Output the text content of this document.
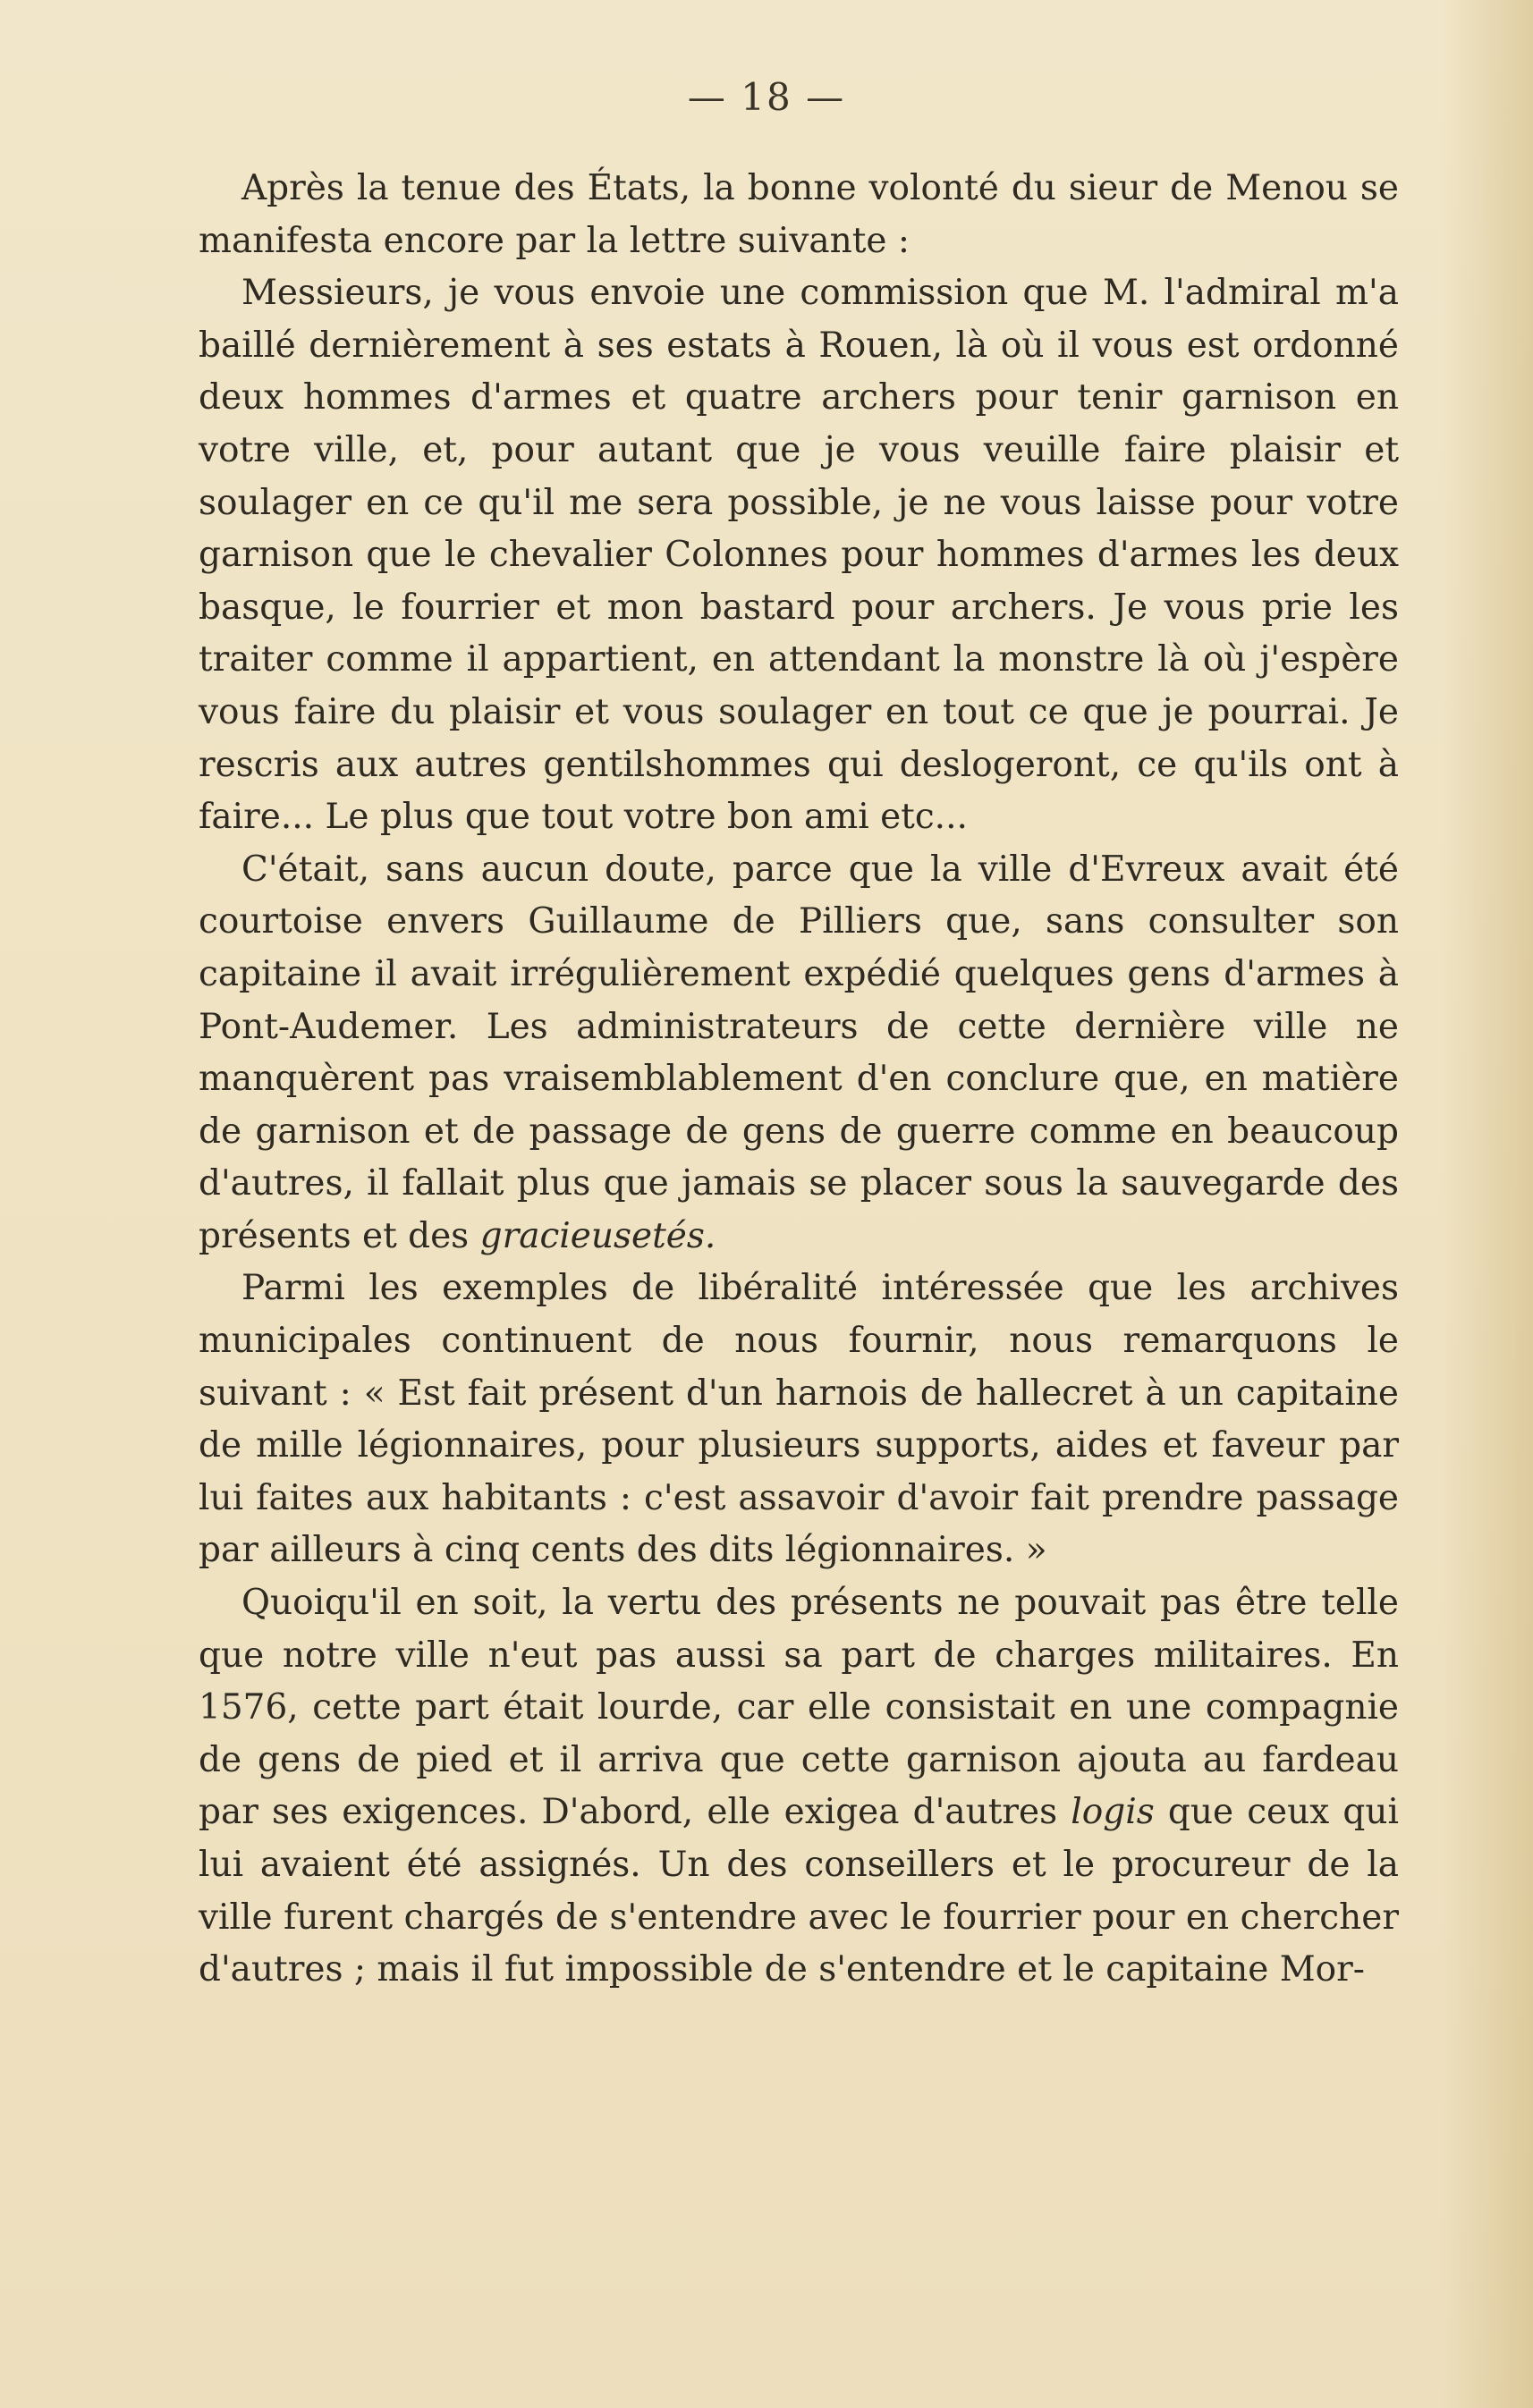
— 18 —

Après la tenue des États, la bonne volonté du sieur de Menou se manifesta encore par la lettre suivante :

Messieurs, je vous envoie une commission que M. l'admiral m'a baillé dernièrement à ses estats à Rouen, là où il vous est ordonné deux hommes d'armes et quatre archers pour tenir garnison en votre ville, et, pour autant que je vous veuille faire plaisir et soulager en ce qu'il me sera possible, je ne vous laisse pour votre garnison que le chevalier Colonnes pour hommes d'armes les deux basque, le fourrier et mon bastard pour archers. Je vous prie les traiter comme il appartient, en attendant la monstre là où j'espère vous faire du plaisir et vous soulager en tout ce que je pourrai. Je rescris aux autres gentilshommes qui deslogeront, ce qu'ils ont à faire... Le plus que tout votre bon ami etc...

C'était, sans aucun doute, parce que la ville d'Evreux avait été courtoise envers Guillaume de Pilliers que, sans consulter son capitaine il avait irrégulièrement expédié quelques gens d'armes à Pont-Audemer. Les administrateurs de cette dernière ville ne manquèrent pas vraisemblablement d'en conclure que, en matière de garnison et de passage de gens de guerre comme en beaucoup d'autres, il fallait plus que jamais se placer sous la sauvegarde des présents et des gracieusetés.

Parmi les exemples de libéralité intéressée que les archives municipales continuent de nous fournir, nous remarquons le suivant : « Est fait présent d'un harnois de hallecret à un capitaine de mille légionnaires, pour plusieurs supports, aides et faveur par lui faites aux habitants : c'est assavoir d'avoir fait prendre passage par ailleurs à cinq cents des dits légionnaires. »

Quoiqu'il en soit, la vertu des présents ne pouvait pas être telle que notre ville n'eut pas aussi sa part de charges militaires. En 1576, cette part était lourde, car elle consistait en une compagnie de gens de pied et il arriva que cette garnison ajouta au fardeau par ses exigences. D'abord, elle exigea d'autres logis que ceux qui lui avaient été assignés. Un des conseillers et le procureur de la ville furent chargés de s'entendre avec le fourrier pour en chercher d'autres ; mais il fut impossible de s'entendre et le capitaine Mor-
